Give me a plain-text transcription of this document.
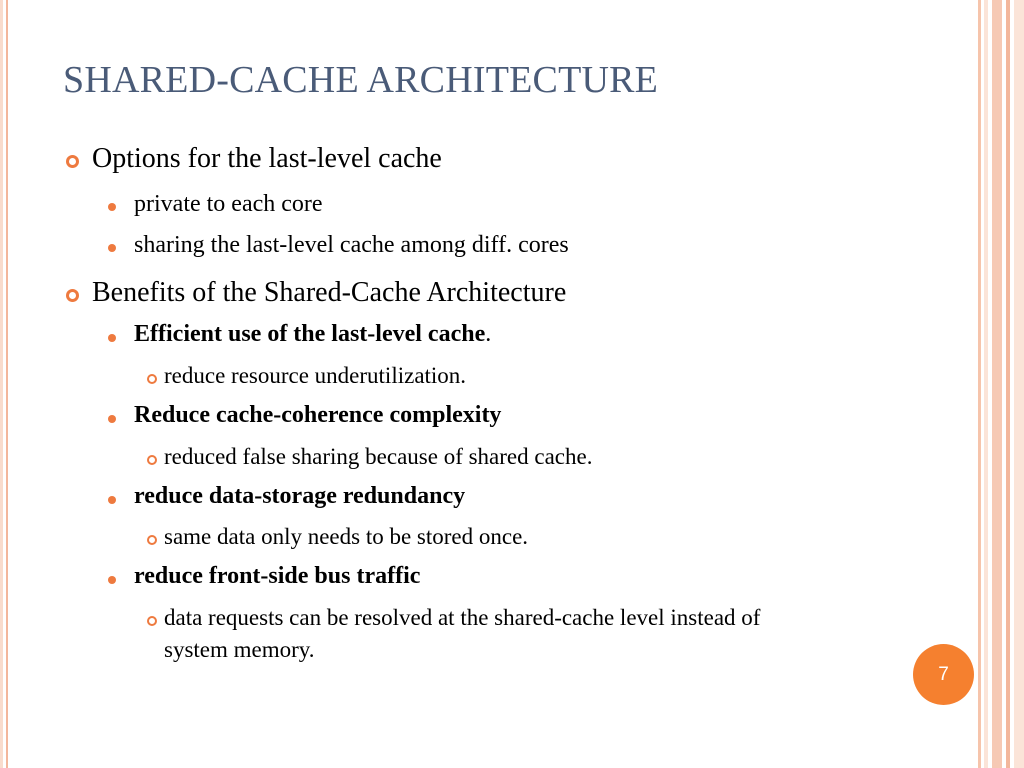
SHARED-CACHE ARCHITECTURE
Options for the last-level cache
private to each core
sharing the last-level cache among diff. cores
Benefits of the Shared-Cache Architecture
Efficient use of the last-level cache.
reduce resource underutilization.
Reduce cache-coherence complexity
reduced false sharing because of shared cache.
reduce data-storage redundancy
same data only needs to be stored once.
reduce front-side bus traffic
data requests can be resolved at the shared-cache level instead of
system memory.
7
